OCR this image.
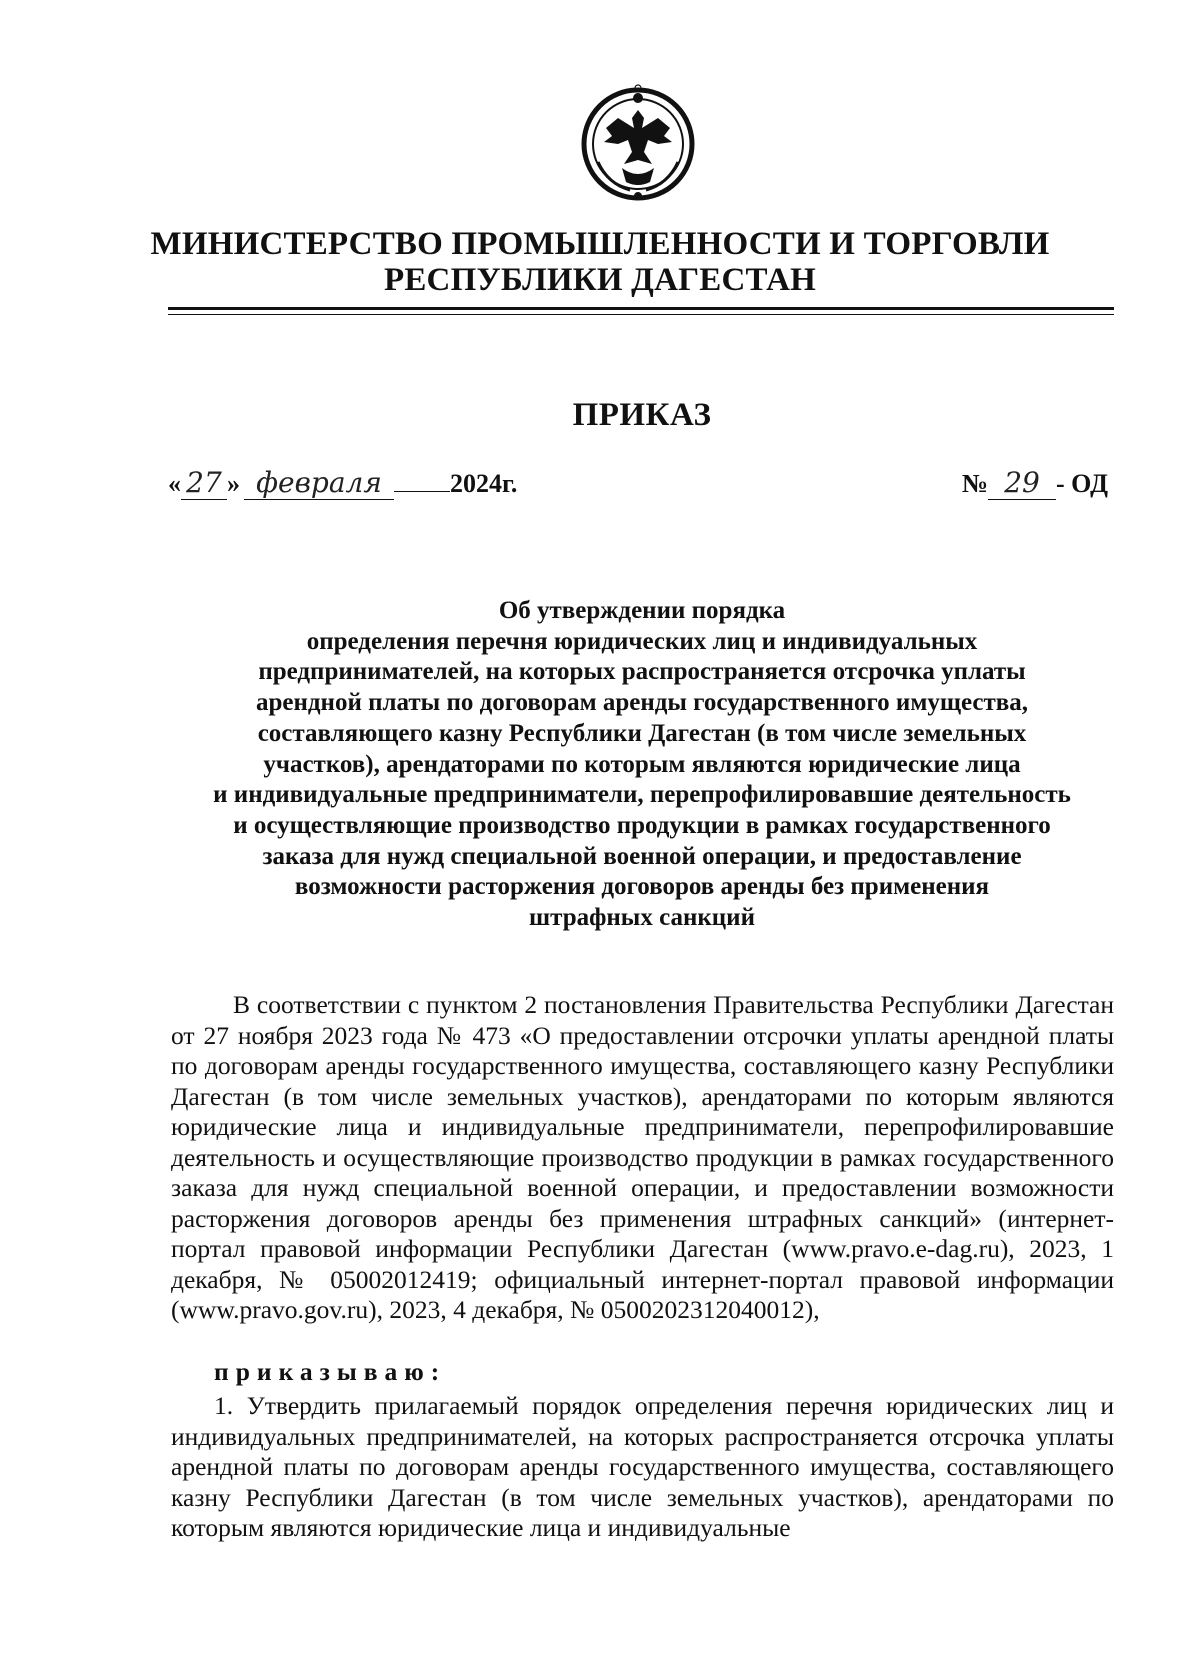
МИНИСТЕРСТВО ПРОМЫШЛЕННОСТИ И ТОРГОВЛИ
РЕСПУБЛИКИ ДАГЕСТАН
ПРИКАЗ
« 27 » февраля	2024г.	№ 29 - ОД
Об утверждении порядка
определения перечня юридических лиц и индивидуальных
предпринимателей, на которых распространяется отсрочка уплаты
арендной платы по договорам аренды государственного имущества,
составляющего казну Республики Дагестан (в том числе земельных
участков), арендаторами по которым являются юридические лица
и индивидуальные предприниматели, перепрофилировавшие деятельность
и осуществляющие производство продукции в рамках государственного
заказа для нужд специальной военной операции, и предоставление
возможности расторжения договоров аренды без применения
штрафных санкций

В соответствии с пунктом 2 постановления Правительства Республики Дагестан от 27 ноября 2023 года № 473 «О предоставлении отсрочки уплаты арендной платы по договорам аренды государственного имущества, составляющего казну Республики Дагестан (в том числе земельных участков), арендаторами по которым являются юридические лица и индивидуальные предприниматели, перепрофилировавшие деятельность и осуществляющие производство продукции в рамках государственного заказа для нужд специальной военной операции, и предоставлении возможности расторжения договоров аренды без применения штрафных санкций» (интернет-портал правовой информации Республики Дагестан (www.pravo.e-dag.ru), 2023, 1 декабря, № 05002012419; официальный интернет-портал правовой информации (www.pravo.gov.ru), 2023, 4 декабря, № 0500202312040012),

приказываю:

1. Утвердить прилагаемый порядок определения перечня юридических лиц и индивидуальных предпринимателей, на которых распространяется отсрочка уплаты арендной платы по договорам аренды государственного имущества, составляющего казну Республики Дагестан (в том числе земельных участков), арендаторами по которым являются юридические лица и индивидуальные
